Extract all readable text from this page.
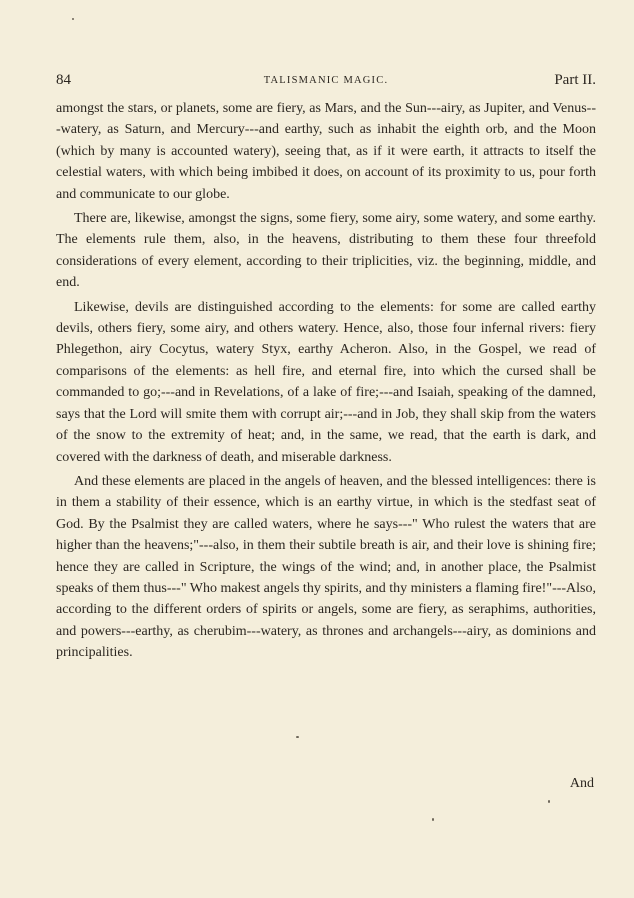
84	TALISMANIC MAGIC.	Part II.

amongst the stars, or planets, some are fiery, as Mars, and the Sun---airy, as Jupiter, and Venus---watery, as Saturn, and Mercury---and earthy, such as inhabit the eighth orb, and the Moon (which by many is accounted watery), seeing that, as if it were earth, it attracts to itself the celestial waters, with which being imbibed it does, on account of its proximity to us, pour forth and communicate to our globe.

There are, likewise, amongst the signs, some fiery, some airy, some watery, and some earthy. The elements rule them, also, in the heavens, distributing to them these four threefold considerations of every element, according to their triplicities, viz. the beginning, middle, and end.

Likewise, devils are distinguished according to the elements: for some are called earthy devils, others fiery, some airy, and others watery. Hence, also, those four infernal rivers: fiery Phlegethon, airy Cocytus, watery Styx, earthy Acheron. Also, in the Gospel, we read of comparisons of the elements: as hell fire, and eternal fire, into which the cursed shall be commanded to go;---and in Revelations, of a lake of fire;---and Isaiah, speaking of the damned, says that the Lord will smite them with corrupt air;---and in Job, they shall skip from the waters of the snow to the extremity of heat; and, in the same, we read, that the earth is dark, and covered with the darkness of death, and miserable darkness.

And these elements are placed in the angels of heaven, and the blessed intelligences: there is in them a stability of their essence, which is an earthy virtue, in which is the stedfast seat of God. By the Psalmist they are called waters, where he says---" Who rulest the waters that are higher than the heavens;"---also, in them their subtile breath is air, and their love is shining fire; hence they are called in Scripture, the wings of the wind; and, in another place, the Psalmist speaks of them thus---" Who makest angels thy spirits, and thy ministers a flaming fire!"---Also, according to the different orders of spirits or angels, some are fiery, as seraphims, authorities, and powers---earthy, as cherubim---watery, as thrones and archangels---airy, as dominions and principalities.

And
